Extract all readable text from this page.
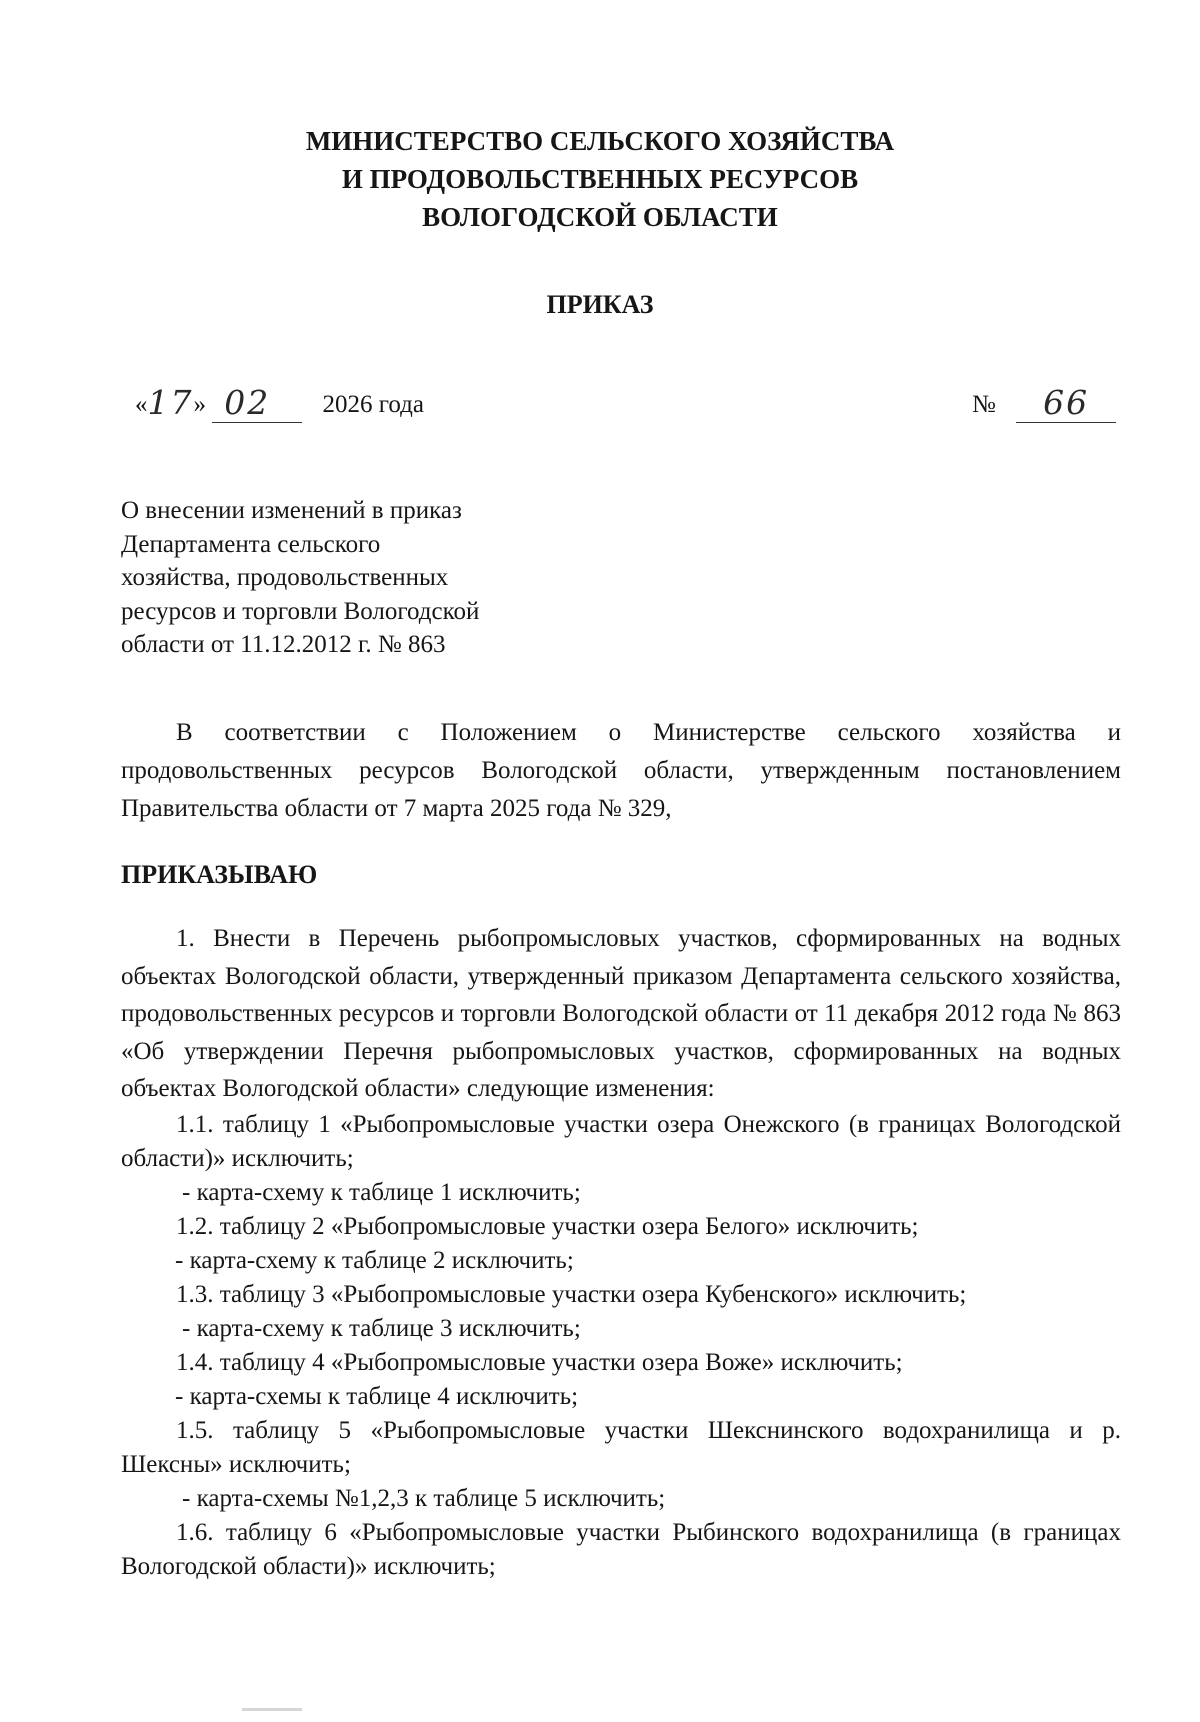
МИНИСТЕРСТВО СЕЛЬСКОГО ХОЗЯЙСТВА
И ПРОДОВОЛЬСТВЕННЫХ РЕСУРСОВ
ВОЛОГОДСКОЙ ОБЛАСТИ
ПРИКАЗ
«17» 02 2026 года	№ 66
О внесении изменений в приказ
Департамента сельского
хозяйства, продовольственных
ресурсов и торговли Вологодской
области от 11.12.2012 г. № 863
В соответствии с Положением о Министерстве сельского хозяйства и продовольственных ресурсов Вологодской области, утвержденным постановлением Правительства области от 7 марта 2025 года № 329,
ПРИКАЗЫВАЮ

1. Внести в Перечень рыбопромысловых участков, сформированных на водных объектах Вологодской области, утвержденный приказом Департамента сельского хозяйства, продовольственных ресурсов и торговли Вологодской области от 11 декабря 2012 года № 863 «Об утверждении Перечня рыбопромысловых участков, сформированных на водных объектах Вологодской области» следующие изменения:

1.1. таблицу 1 «Рыбопромысловые участки озера Онежского (в границах Вологодской области)» исключить;

- карта-схему к таблице 1 исключить;

1.2. таблицу 2 «Рыбопромысловые участки озера Белого» исключить;

- карта-схему к таблице 2 исключить;

1.3. таблицу 3 «Рыбопромысловые участки озера Кубенского» исключить;

- карта-схему к таблице 3 исключить;

1.4. таблицу 4 «Рыбопромысловые участки озера Воже» исключить;

- карта-схемы к таблице 4 исключить;

1.5. таблицу 5 «Рыбопромысловые участки Шекснинского водохранилища и р. Шексны» исключить;

- карта-схемы №1,2,3 к таблице 5 исключить;

1.6. таблицу 6 «Рыбопромысловые участки Рыбинского водохранилища (в границах Вологодской области)» исключить;
